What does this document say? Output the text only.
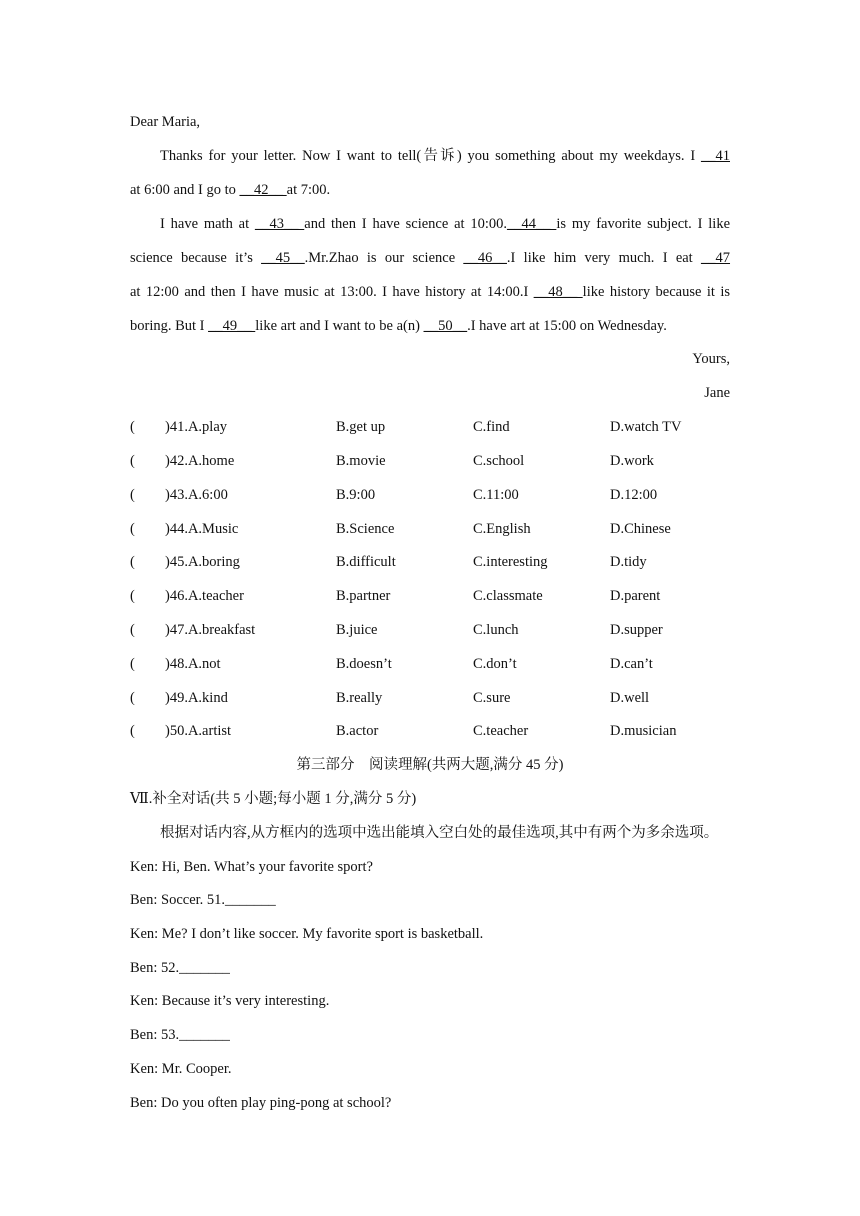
Dear Maria,
Thanks for your letter. Now I want to tell(告诉) you something about my weekdays. I __41
at 6:00 and I go to __42__ at 7:00.
I have math at __43__ and then I have science at 10:00.__44__ is my favorite subject. I like
science because it’s __45__.Mr.Zhao is our science __46__.I like him very much. I eat __47
at 12:00 and then I have music at 13:00. I have history at 14:00.I __48__ like history because it is
boring. But I __49__ like art and I want to be a(n) __50__.I have art at 15:00 on Wednesday.
Yours,
Jane
( )41.A.play	B.get up	C.find	D.watch TV
( )42.A.home	B.movie	C.school	D.work
( )43.A.6:00	B.9:00	C.11:00	D.12:00
( )44.A.Music	B.Science	C.English	D.Chinese
( )45.A.boring	B.difficult	C.interesting	D.tidy
( )46.A.teacher	B.partner	C.classmate	D.parent
( )47.A.breakfast	B.juice	C.lunch	D.supper
( )48.A.not	B.doesn’t	C.don’t	D.can’t
( )49.A.kind	B.really	C.sure	D.well
( )50.A.artist	B.actor	C.teacher	D.musician
第三部分　阅读理解(共两大题,满分 45 分)
Ⅶ.补全对话(共 5 小题;每小题 1 分,满分 5 分)
根据对话内容,从方框内的选项中选出能填入空白处的最佳选项,其中有两个为多余选项。
Ken: Hi, Ben. What’s your favorite sport?
Ben: Soccer. 51._______
Ken: Me? I don’t like soccer. My favorite sport is basketball.
Ben: 52._______
Ken: Because it’s very interesting.
Ben: 53._______
Ken: Mr. Cooper.
Ben: Do you often play ping-pong at school?
